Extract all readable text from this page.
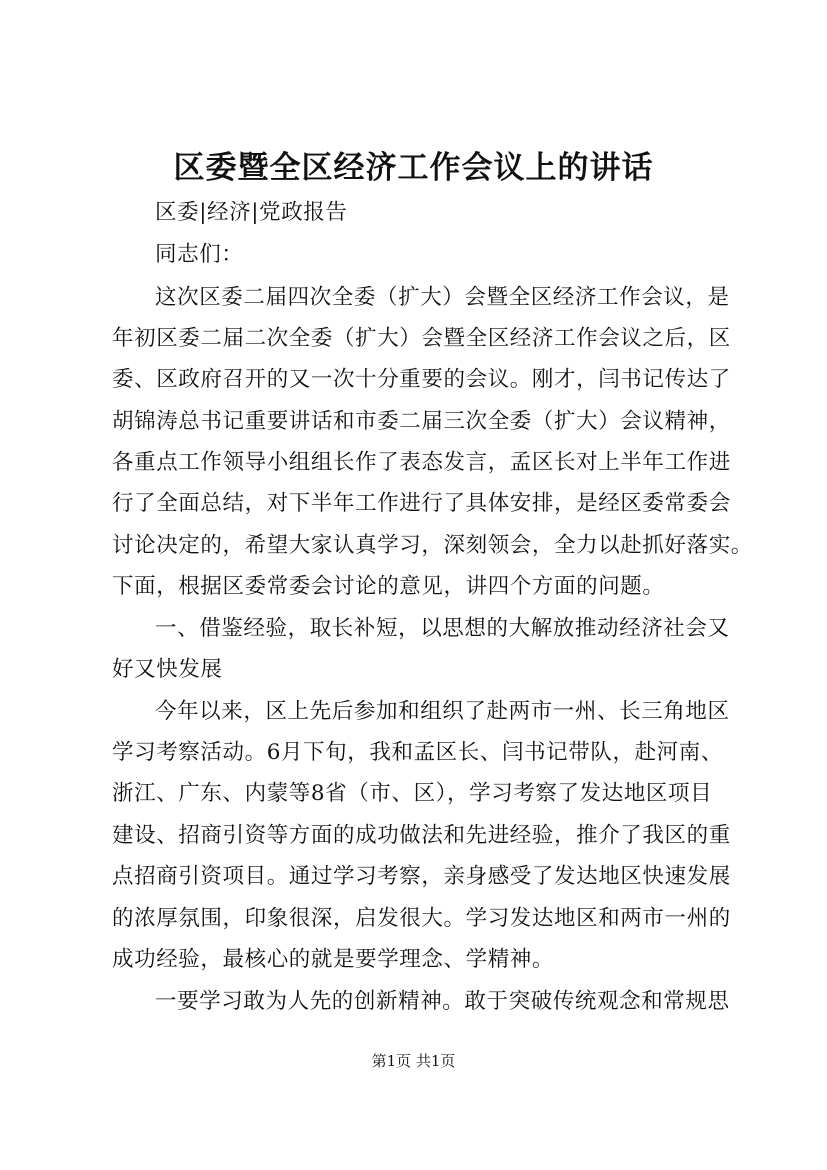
区委暨全区经济工作会议上的讲话

区委|经济|党政报告

同志们：

这次区委二届四次全委（扩大）会暨全区经济工作会议，是

年初区委二届二次全委（扩大）会暨全区经济工作会议之后，区

委、区政府召开的又一次十分重要的会议。刚才，闫书记传达了

胡锦涛总书记重要讲话和市委二届三次全委（扩大）会议精神，

各重点工作领导小组组长作了表态发言，孟区长对上半年工作进

行了全面总结，对下半年工作进行了具体安排，是经区委常委会

讨论决定的，希望大家认真学习，深刻领会，全力以赴抓好落实。

下面，根据区委常委会讨论的意见，讲四个方面的问题。

一、借鉴经验，取长补短，以思想的大解放推动经济社会又

好又快发展

今年以来，区上先后参加和组织了赴两市一州、长三角地区

学习考察活动。6月下旬，我和孟区长、闫书记带队，赴河南、

浙江、广东、内蒙等8省（市、区），学习考察了发达地区项目

建设、招商引资等方面的成功做法和先进经验，推介了我区的重

点招商引资项目。通过学习考察，亲身感受了发达地区快速发展

的浓厚氛围，印象很深，启发很大。学习发达地区和两市一州的

成功经验，最核心的就是要学理念、学精神。

一要学习敢为人先的创新精神。敢于突破传统观念和常规思

第1页 共1页
